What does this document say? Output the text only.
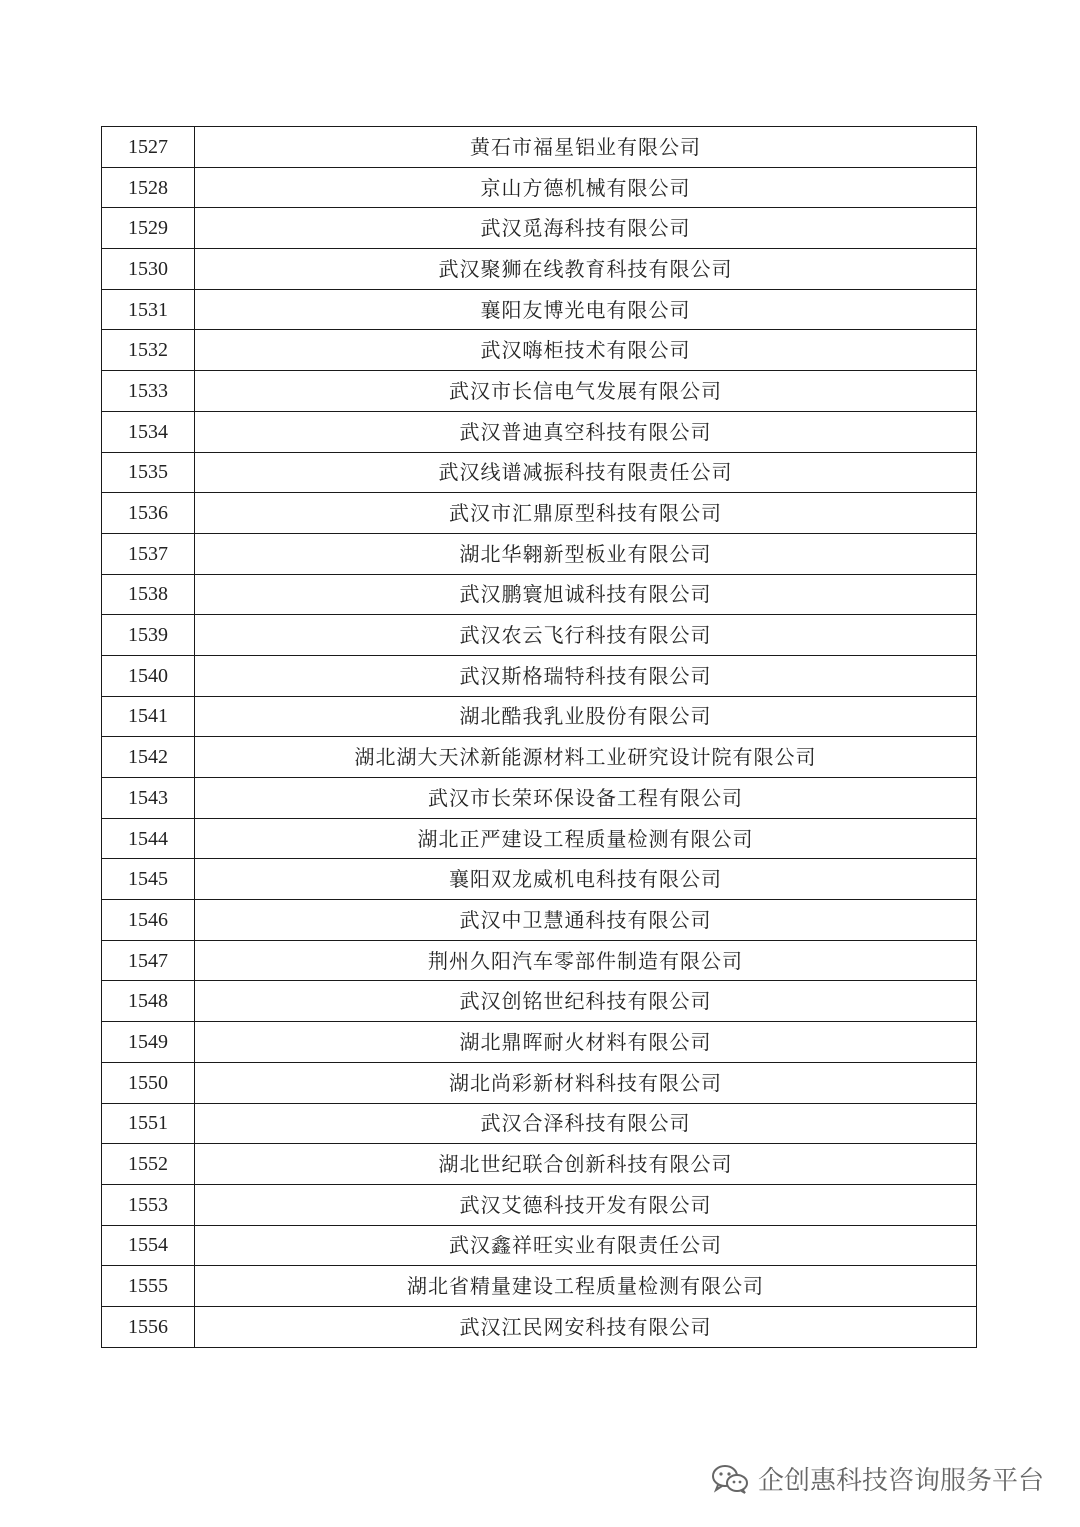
1527	黄石市福星铝业有限公司
1528	京山方德机械有限公司
1529	武汉觅海科技有限公司
1530	武汉聚狮在线教育科技有限公司
1531	襄阳友博光电有限公司
1532	武汉嗨柜技术有限公司
1533	武汉市长信电气发展有限公司
1534	武汉普迪真空科技有限公司
1535	武汉线谱减振科技有限责任公司
1536	武汉市汇鼎原型科技有限公司
1537	湖北华翱新型板业有限公司
1538	武汉鹏寰旭诚科技有限公司
1539	武汉农云飞行科技有限公司
1540	武汉斯格瑞特科技有限公司
1541	湖北酷我乳业股份有限公司
1542	湖北湖大天沭新能源材料工业研究设计院有限公司
1543	武汉市长荣环保设备工程有限公司
1544	湖北正严建设工程质量检测有限公司
1545	襄阳双龙威机电科技有限公司
1546	武汉中卫慧通科技有限公司
1547	荆州久阳汽车零部件制造有限公司
1548	武汉创铭世纪科技有限公司
1549	湖北鼎晖耐火材料有限公司
1550	湖北尚彩新材料科技有限公司
1551	武汉合泽科技有限公司
1552	湖北世纪联合创新科技有限公司
1553	武汉艾德科技开发有限公司
1554	武汉鑫祥旺实业有限责任公司
1555	湖北省精量建设工程质量检测有限公司
1556	武汉江民网安科技有限公司
企创惠科技咨询服务平台
